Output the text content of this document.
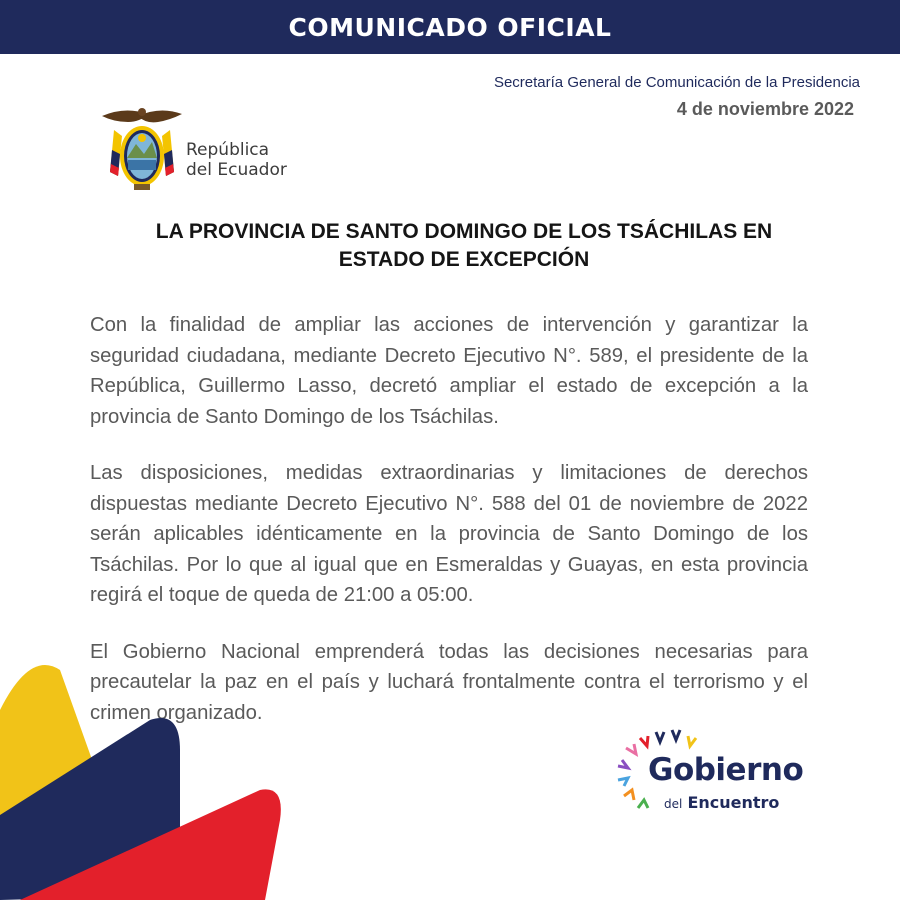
COMUNICADO OFICIAL
Secretaría General de Comunicación de la Presidencia
4 de noviembre 2022
República
del Ecuador
LA PROVINCIA DE SANTO DOMINGO DE LOS TSÁCHILAS EN
ESTADO DE EXCEPCIÓN

Con la finalidad de ampliar las acciones de intervención y garantizar la seguridad ciudadana, mediante Decreto Ejecutivo N°. 589, el presidente de la República, Guillermo Lasso, decretó ampliar el estado de excepción a la provincia de Santo Domingo de los Tsáchilas.

Las disposiciones, medidas extraordinarias y limitaciones de derechos dispuestas mediante Decreto Ejecutivo N°. 588 del 01 de noviembre de 2022 serán aplicables idénticamente en la provincia de Santo Domingo de los Tsáchilas. Por lo que al igual que en Esmeraldas y Guayas, en esta provincia regirá el toque de queda de 21:00 a 05:00.

El Gobierno Nacional emprenderá todas las decisiones necesarias para precautelar la paz en el país y luchará frontalmente contra el terrorismo y el crimen organizado.

Gobierno
del Encuentro
